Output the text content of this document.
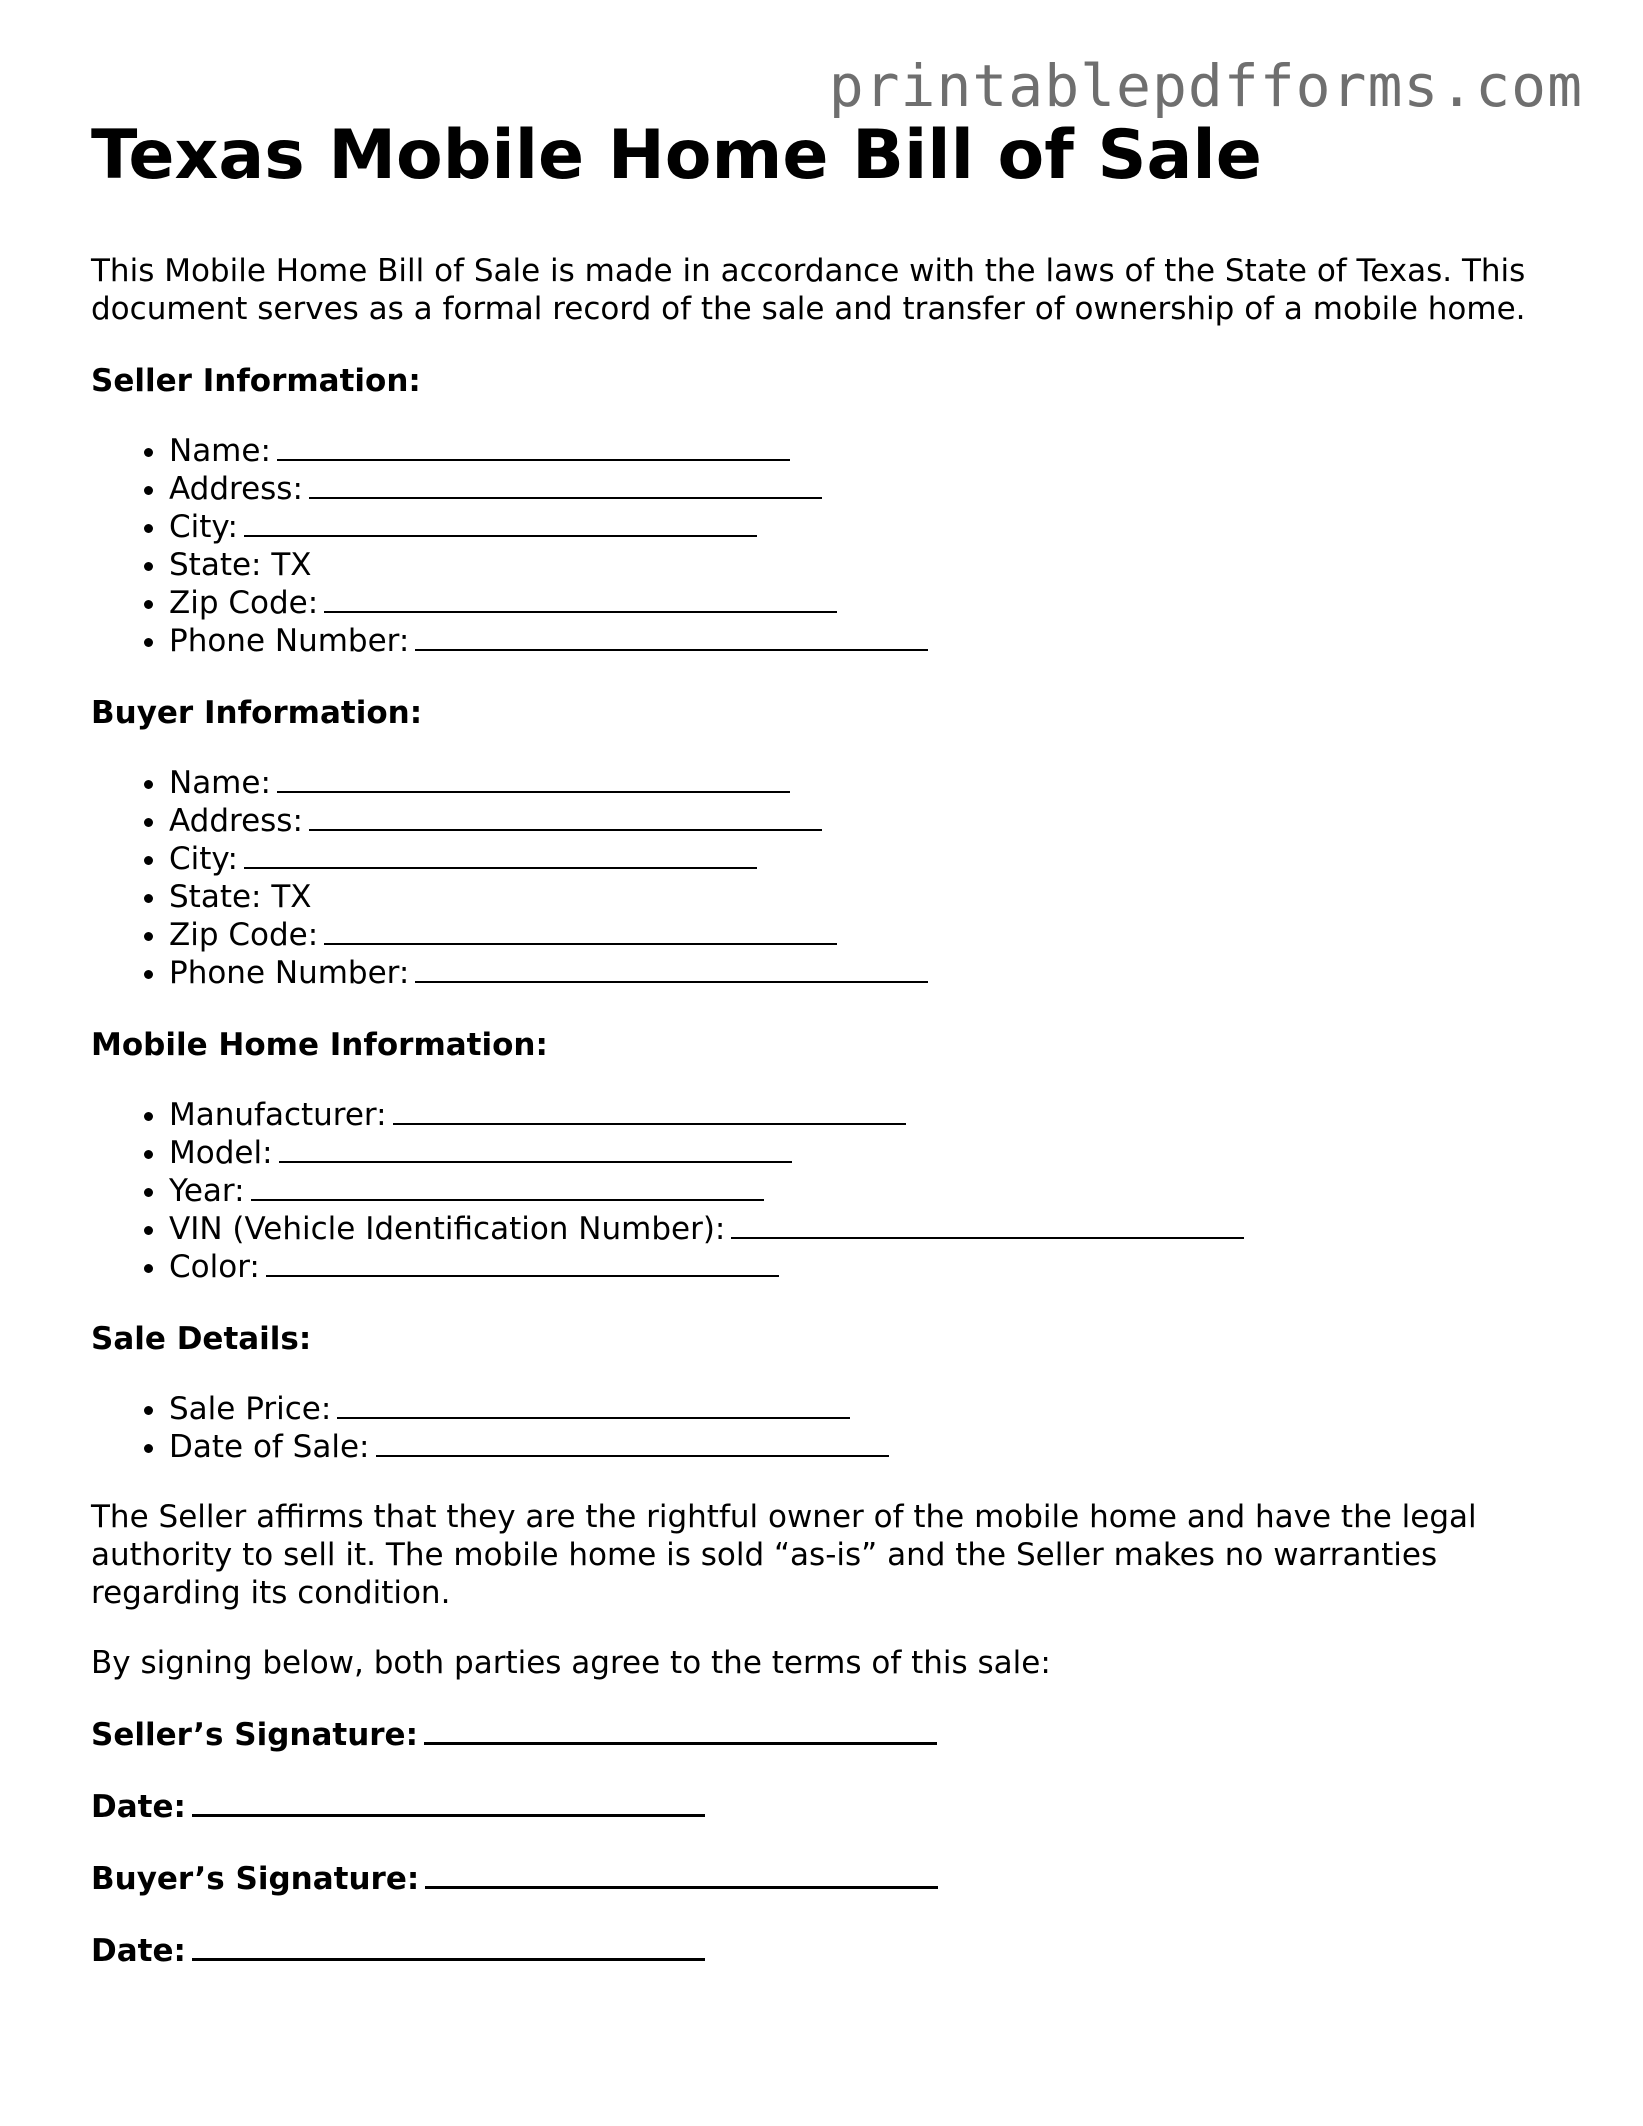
printablepdfforms.com
Texas Mobile Home Bill of Sale

This Mobile Home Bill of Sale is made in accordance with the laws of the State of Texas. This document serves as a formal record of the sale and transfer of ownership of a mobile home.

Seller Information:
• Name:
• Address:
• City:
• State: TX
• Zip Code:
• Phone Number:
Buyer Information:
• Name:
• Address:
• City:
• State: TX
• Zip Code:
• Phone Number:
Mobile Home Information:
• Manufacturer:
• Model:
• Year:
• VIN (Vehicle Identification Number):
• Color:
Sale Details:
• Sale Price:
• Date of Sale:

The Seller affirms that they are the rightful owner of the mobile home and have the legal authority to sell it. The mobile home is sold “as-is” and the Seller makes no warranties regarding its condition.

By signing below, both parties agree to the terms of this sale:

Seller’s Signature:
Date:
Buyer’s Signature:
Date:
